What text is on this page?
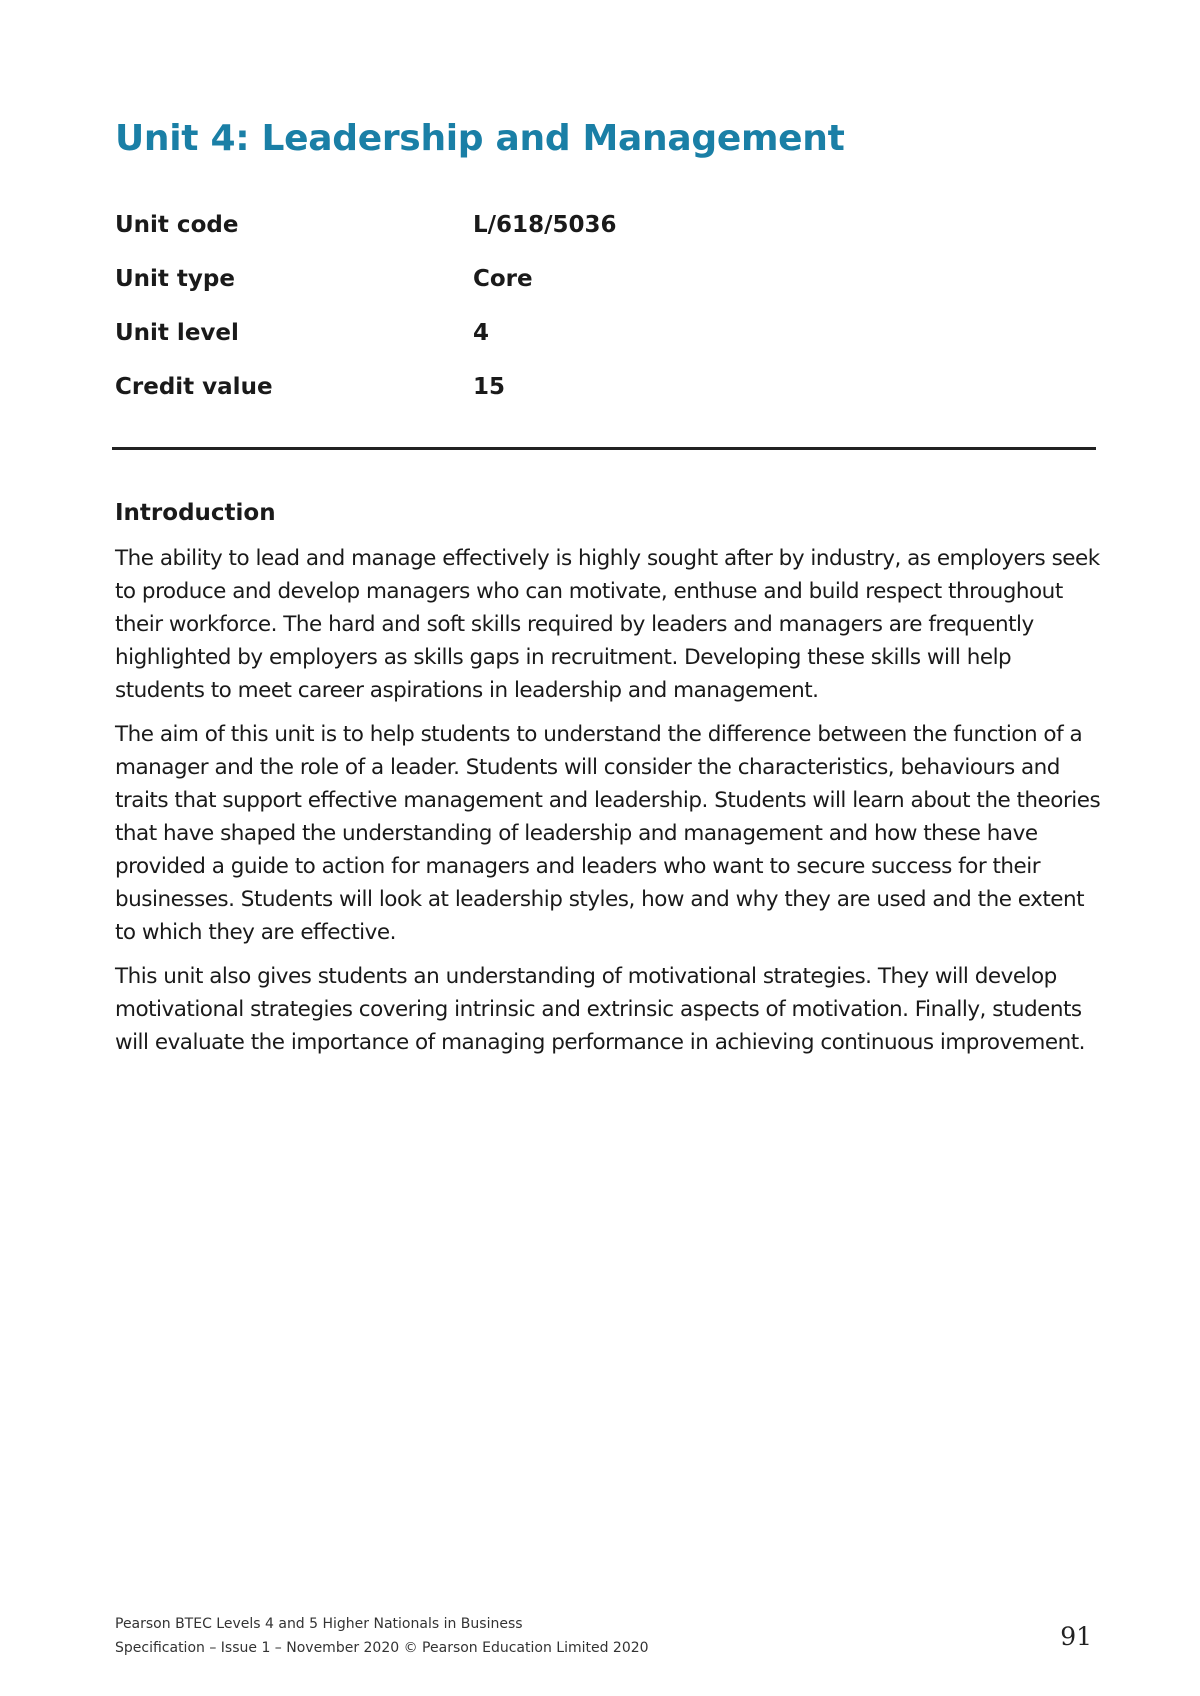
Unit 4: Leadership and Management
Unit code	L/618/5036
Unit type	Core
Unit level	4
Credit value	15
Introduction

The ability to lead and manage effectively is highly sought after by industry, as employers seek to produce and develop managers who can motivate, enthuse and build respect throughout their workforce. The hard and soft skills required by leaders and managers are frequently highlighted by employers as skills gaps in recruitment. Developing these skills will help students to meet career aspirations in leadership and management.

The aim of this unit is to help students to understand the difference between the function of a manager and the role of a leader. Students will consider the characteristics, behaviours and traits that support effective management and leadership. Students will learn about the theories that have shaped the understanding of leadership and management and how these have provided a guide to action for managers and leaders who want to secure success for their businesses. Students will look at leadership styles, how and why they are used and the extent to which they are effective.

This unit also gives students an understanding of motivational strategies. They will develop motivational strategies covering intrinsic and extrinsic aspects of motivation. Finally, students will evaluate the importance of managing performance in achieving continuous improvement.

Pearson BTEC Levels 4 and 5 Higher Nationals in Business
Specification – Issue 1 – November 2020 © Pearson Education Limited 2020	91
